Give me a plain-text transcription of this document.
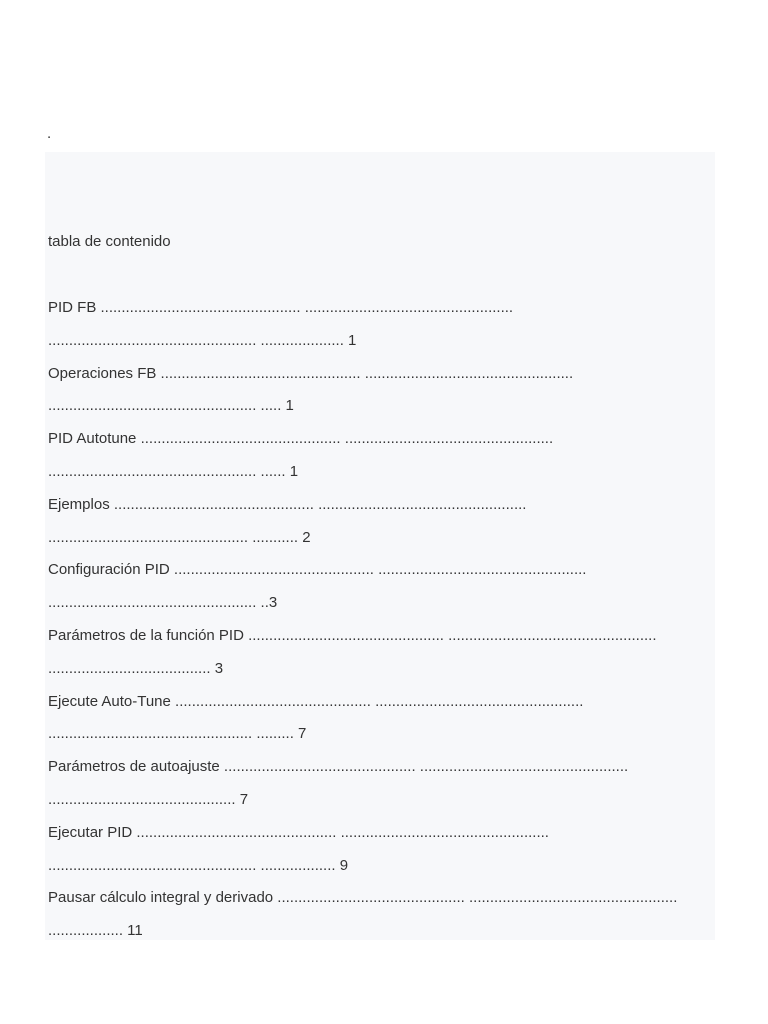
.
tabla de contenido
PID FB ................................................ ..................................................
.................................................. .................... 1
Operaciones FB ................................................ ..................................................
.................................................. ..... 1
PID Autotune ................................................ ..................................................
.................................................. ...... 1
Ejemplos ................................................ ..................................................
................................................ ........... 2
Configuración PID ................................................ ..................................................
.................................................. ..3
Parámetros de la función PID ............................................... ..................................................
....................................... 3
Ejecute Auto-Tune ............................................... ..................................................
................................................. ......... 7
Parámetros de autoajuste .............................................. ..................................................
............................................. 7
Ejecutar PID ................................................ ..................................................
.................................................. .................. 9
Pausar cálculo integral y derivado ............................................. ..................................................
.................. 11
